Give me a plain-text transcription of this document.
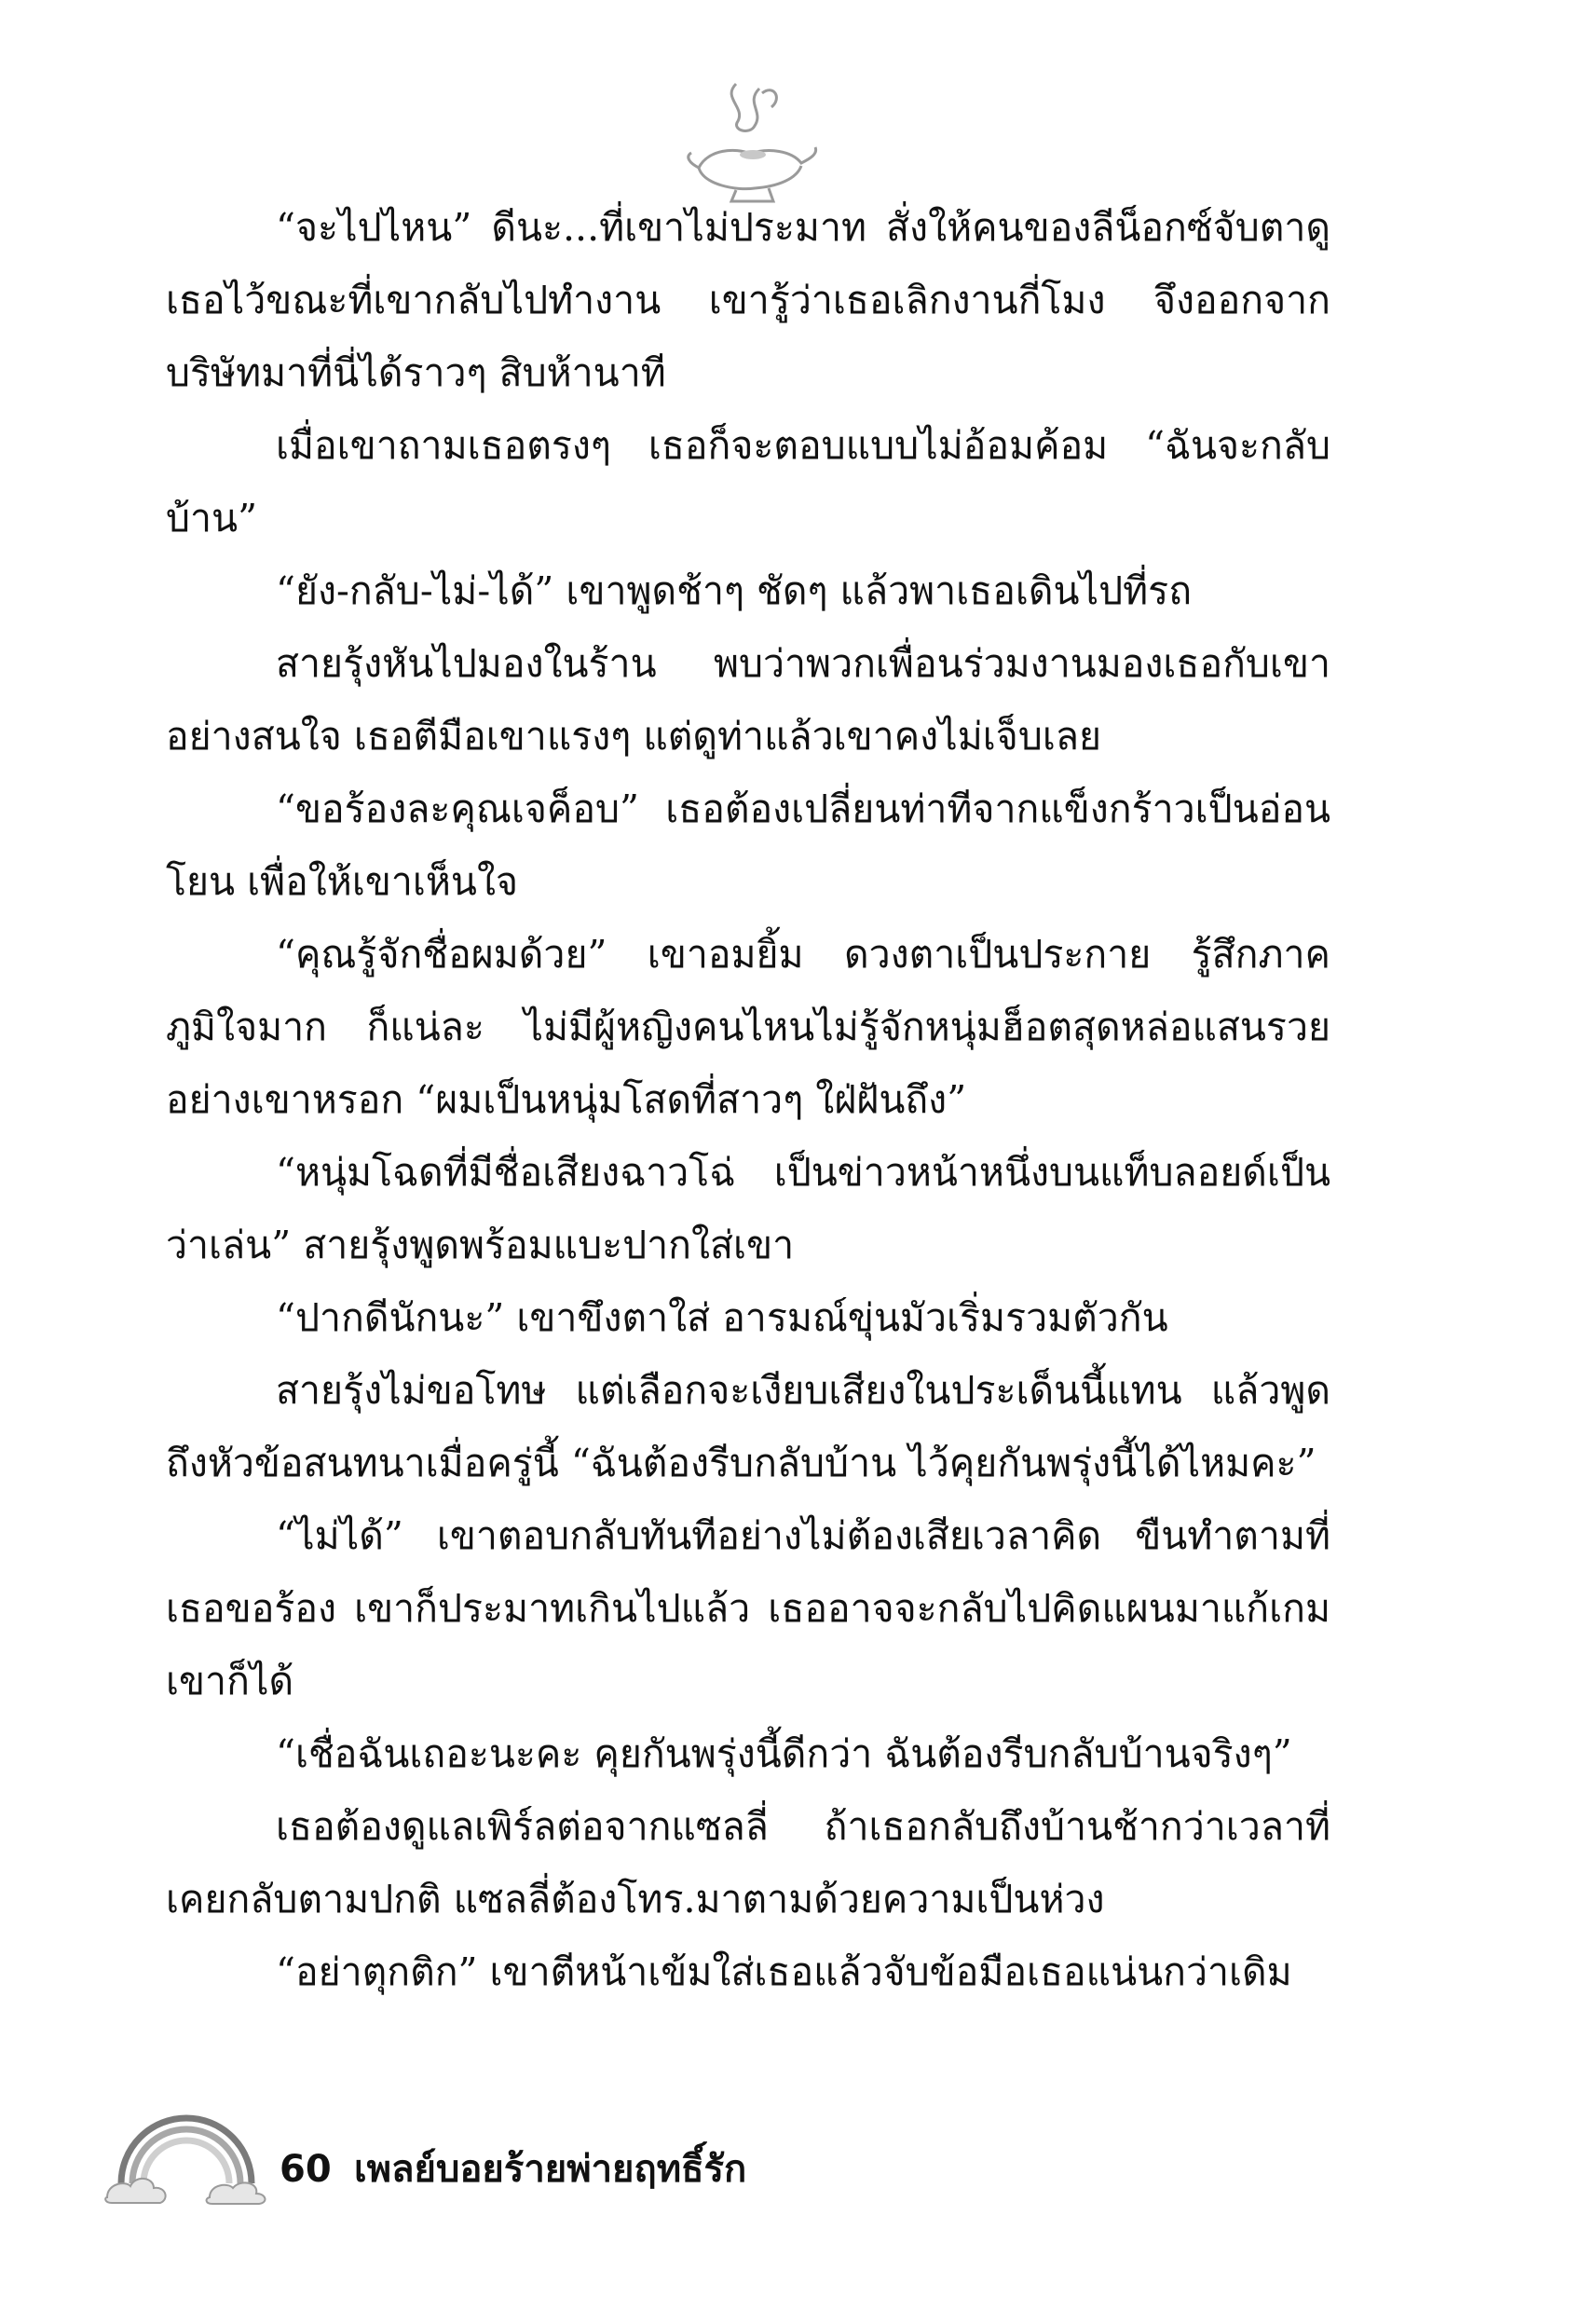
“จะไปไหน” ดีนะ...ที่เขาไม่ประมาท สั่งให้คนของลีน็อกซ์จับตาดูเธอไว้ขณะที่เขากลับไปทำงาน เขารู้ว่าเธอเลิกงานกี่โมง จึงออกจากบริษัทมาที่นี่ได้ราวๆ สิบห้านาที

เมื่อเขาถามเธอตรงๆ เธอก็จะตอบแบบไม่อ้อมค้อม “ฉันจะกลับบ้าน”

“ยัง-กลับ-ไม่-ได้” เขาพูดช้าๆ ชัดๆ แล้วพาเธอเดินไปที่รถ

สายรุ้งหันไปมองในร้าน พบว่าพวกเพื่อนร่วมงานมองเธอกับเขาอย่างสนใจ เธอตีมือเขาแรงๆ แต่ดูท่าแล้วเขาคงไม่เจ็บเลย

“ขอร้องละคุณเจค็อบ” เธอต้องเปลี่ยนท่าทีจากแข็งกร้าวเป็นอ่อนโยน เพื่อให้เขาเห็นใจ

“คุณรู้จักชื่อผมด้วย” เขาอมยิ้ม ดวงตาเป็นประกาย รู้สึกภาคภูมิใจมาก ก็แน่ละ ไม่มีผู้หญิงคนไหนไม่รู้จักหนุ่มฮ็อตสุดหล่อแสนรวยอย่างเขาหรอก “ผมเป็นหนุ่มโสดที่สาวๆ ใฝ่ฝันถึง”

“หนุ่มโฉดที่มีชื่อเสียงฉาวโฉ่ เป็นข่าวหน้าหนึ่งบนแท็บลอยด์เป็นว่าเล่น” สายรุ้งพูดพร้อมแบะปากใส่เขา

“ปากดีนักนะ” เขาขึงตาใส่ อารมณ์ขุ่นมัวเริ่มรวมตัวกัน

สายรุ้งไม่ขอโทษ แต่เลือกจะเงียบเสียงในประเด็นนี้แทน แล้วพูดถึงหัวข้อสนทนาเมื่อครู่นี้ “ฉันต้องรีบกลับบ้าน ไว้คุยกันพรุ่งนี้ได้ไหมคะ”

“ไม่ได้” เขาตอบกลับทันทีอย่างไม่ต้องเสียเวลาคิด ขืนทำตามที่เธอขอร้อง เขาก็ประมาทเกินไปแล้ว เธออาจจะกลับไปคิดแผนมาแก้เกมเขาก็ได้

“เชื่อฉันเถอะนะคะ คุยกันพรุ่งนี้ดีกว่า ฉันต้องรีบกลับบ้านจริงๆ”

เธอต้องดูแลเพิร์ลต่อจากแซลลี่ ถ้าเธอกลับถึงบ้านช้ากว่าเวลาที่เคยกลับตามปกติ แซลลี่ต้องโทร.มาตามด้วยความเป็นห่วง

“อย่าตุกติก” เขาตีหน้าเข้มใส่เธอแล้วจับข้อมือเธอแน่นกว่าเดิม

60 เพลย์บอยร้ายพ่ายฤทธิ์รัก
